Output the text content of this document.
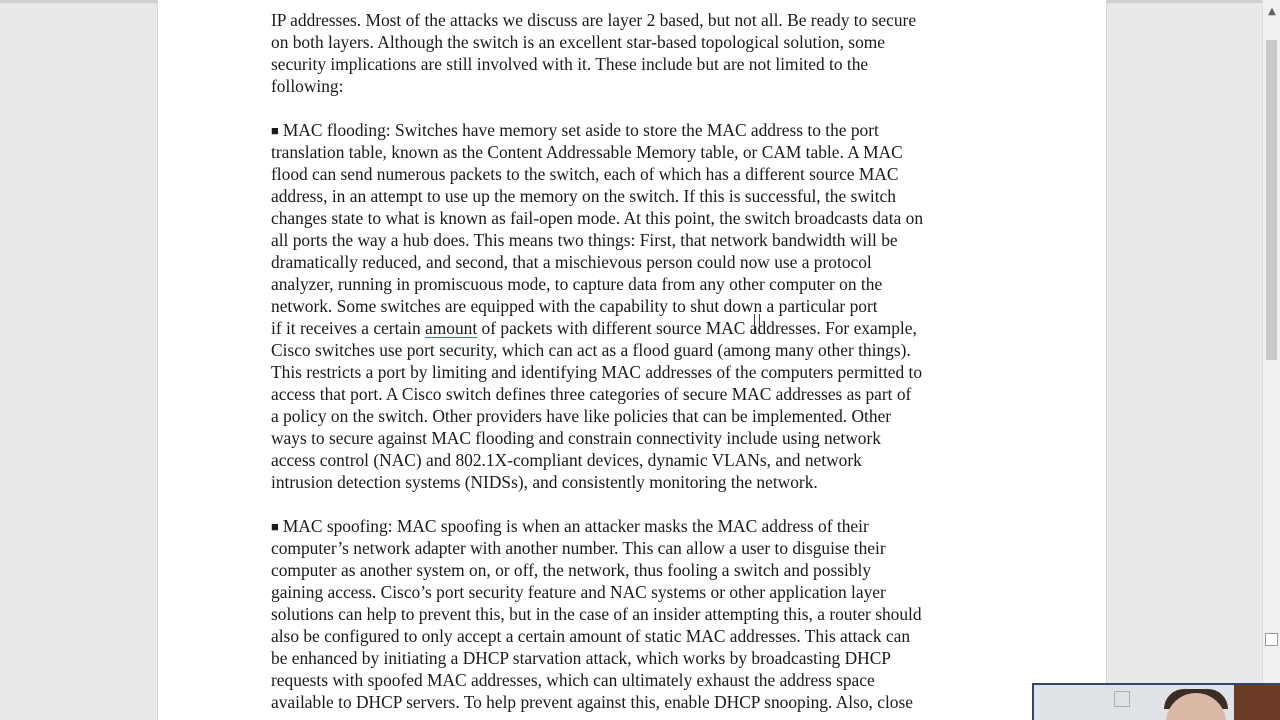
IP addresses. Most of the attacks we discuss are layer 2 based, but not all. Be ready to secure
on both layers. Although the switch is an excellent star-based topological solution, some
security implications are still involved with it. These include but are not limited to the
following:
■ MAC flooding: Switches have memory set aside to store the MAC address to the port
translation table, known as the Content Addressable Memory table, or CAM table. A MAC
flood can send numerous packets to the switch, each of which has a different source MAC
address, in an attempt to use up the memory on the switch. If this is successful, the switch
changes state to what is known as fail-open mode. At this point, the switch broadcasts data on
all ports the way a hub does. This means two things: First, that network bandwidth will be
dramatically reduced, and second, that a mischievous person could now use a protocol
analyzer, running in promiscuous mode, to capture data from any other computer on the
network. Some switches are equipped with the capability to shut down a particular port
if it receives a certain amount of packets with different source MAC addresses. For example,
Cisco switches use port security, which can act as a flood guard (among many other things).
This restricts a port by limiting and identifying MAC addresses of the computers permitted to
access that port. A Cisco switch defines three categories of secure MAC addresses as part of
a policy on the switch. Other providers have like policies that can be implemented. Other
ways to secure against MAC flooding and constrain connectivity include using network
access control (NAC) and 802.1X-compliant devices, dynamic VLANs, and network
intrusion detection systems (NIDSs), and consistently monitoring the network.
■ MAC spoofing: MAC spoofing is when an attacker masks the MAC address of their
computer’s network adapter with another number. This can allow a user to disguise their
computer as another system on, or off, the network, thus fooling a switch and possibly
gaining access. Cisco’s port security feature and NAC systems or other application layer
solutions can help to prevent this, but in the case of an insider attempting this, a router should
also be configured to only accept a certain amount of static MAC addresses. This attack can
be enhanced by initiating a DHCP starvation attack, which works by broadcasting DHCP
requests with spoofed MAC addresses, which can ultimately exhaust the address space
available to DHCP servers. To help prevent against this, enable DHCP snooping. Also, close
▲
